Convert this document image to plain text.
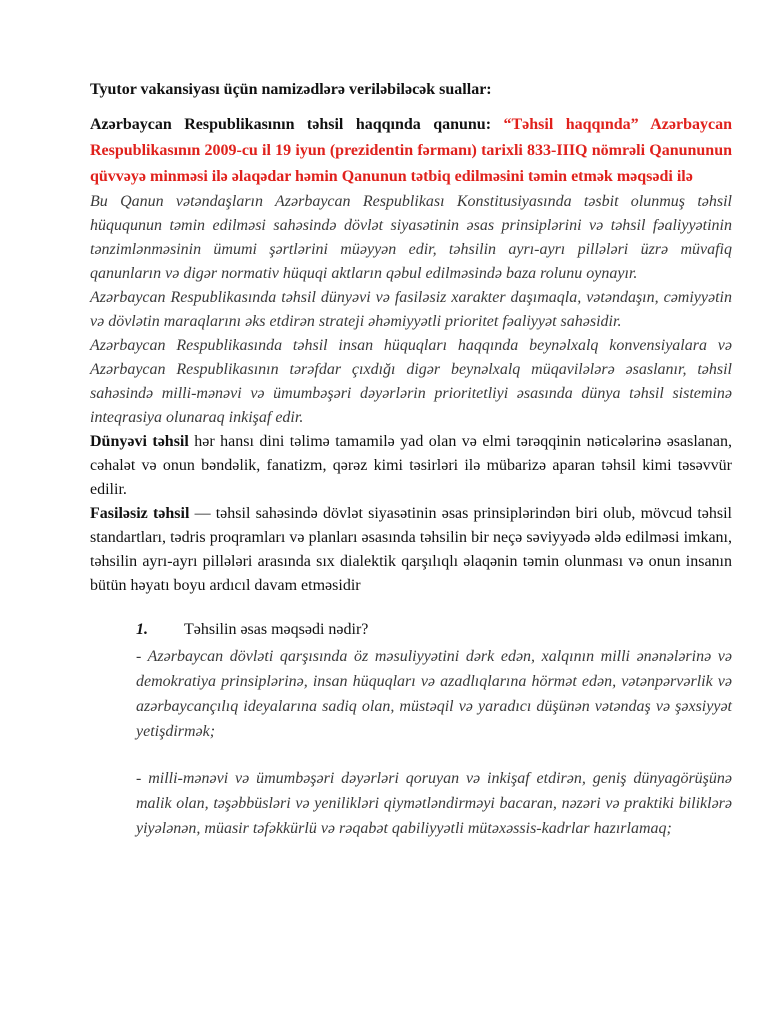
Tyutor vakansiyası üçün namizədlərə veriləbiləcək suallar:

Azərbaycan Respublikasının təhsil haqqında qanunu: “Təhsil haqqında” Azərbaycan Respublikasının 2009-cu il 19 iyun (prezidentin fərmanı) tarixli 833-IIIQ nömrəli Qanununun qüvvəyə minməsi ilə əlaqədar həmin Qanunun tətbiq edilməsini təmin etmək məqsədi ilə

Bu Qanun vətəndaşların Azərbaycan Respublikası Konstitusiyasında təsbit olunmuş təhsil hüququnun təmin edilməsi sahəsində dövlət siyasətinin əsas prinsiplərini və təhsil fəaliyyətinin tənzimlənməsinin ümumi şərtlərini müəyyən edir, təhsilin ayrı-ayrı pillələri üzrə müvafiq qanunların və digər normativ hüquqi aktların qəbul edilməsində baza rolunu oynayır.

Azərbaycan Respublikasında təhsil dünyəvi və fasiləsiz xarakter daşımaqla, vətəndaşın, cəmiyyətin və dövlətin maraqlarını əks etdirən strateji əhəmiyyətli prioritet fəaliyyət sahəsidir.

Azərbaycan Respublikasında təhsil insan hüquqları haqqında beynəlxalq konvensiyalara və Azərbaycan Respublikasının tərəfdar çıxdığı digər beynəlxalq müqavilələrə əsaslanır, təhsil sahəsində milli-mənəvi və ümumbəşəri dəyərlərin prioritetliyi əsasında dünya təhsil sisteminə inteqrasiya olunaraq inkişaf edir.

Dünyəvi təhsil hər hansı dini təlimə tamamilə yad olan və elmi tərəqqinin nəticələrinə əsaslanan, cəhalət və onun bəndəlik, fanatizm, qərəz kimi təsirləri ilə mübarizə aparan təhsil kimi təsəvvür edilir.

Fasiləsiz təhsil — təhsil sahəsində dövlət siyasətinin əsas prinsiplərindən biri olub, mövcud təhsil standartları, tədris proqramları və planları əsasında təhsilin bir neçə səviyyədə əldə edilməsi imkanı, təhsilin ayrı-ayrı pillələri arasında sıx dialektik qarşılıqlı əlaqənin təmin olunması və onun insanın bütün həyatı boyu ardıcıl davam etməsidir

1. Təhsilin əsas məqsədi nədir?

- Azərbaycan dövləti qarşısında öz məsuliyyətini dərk edən, xalqının milli ənənələrinə və demokratiya prinsiplərinə, insan hüquqları və azadlıqlarına hörmət edən, vətənpərvərlik və azərbaycançılıq ideyalarına sadiq olan, müstəqil və yaradıcı düşünən vətəndaş və şəxsiyyət yetişdirmək;

- milli-mənəvi və ümumbəşəri dəyərləri qoruyan və inkişaf etdirən, geniş dünyagörüşünə malik olan, təşəbbüsləri və yenilikləri qiymətləndirməyi bacaran, nəzəri və praktiki biliklərə yiyələnən, müasir təfəkkürlü və rəqabət qabiliyyətli mütəxəssis-kadrlar hazırlamaq;
